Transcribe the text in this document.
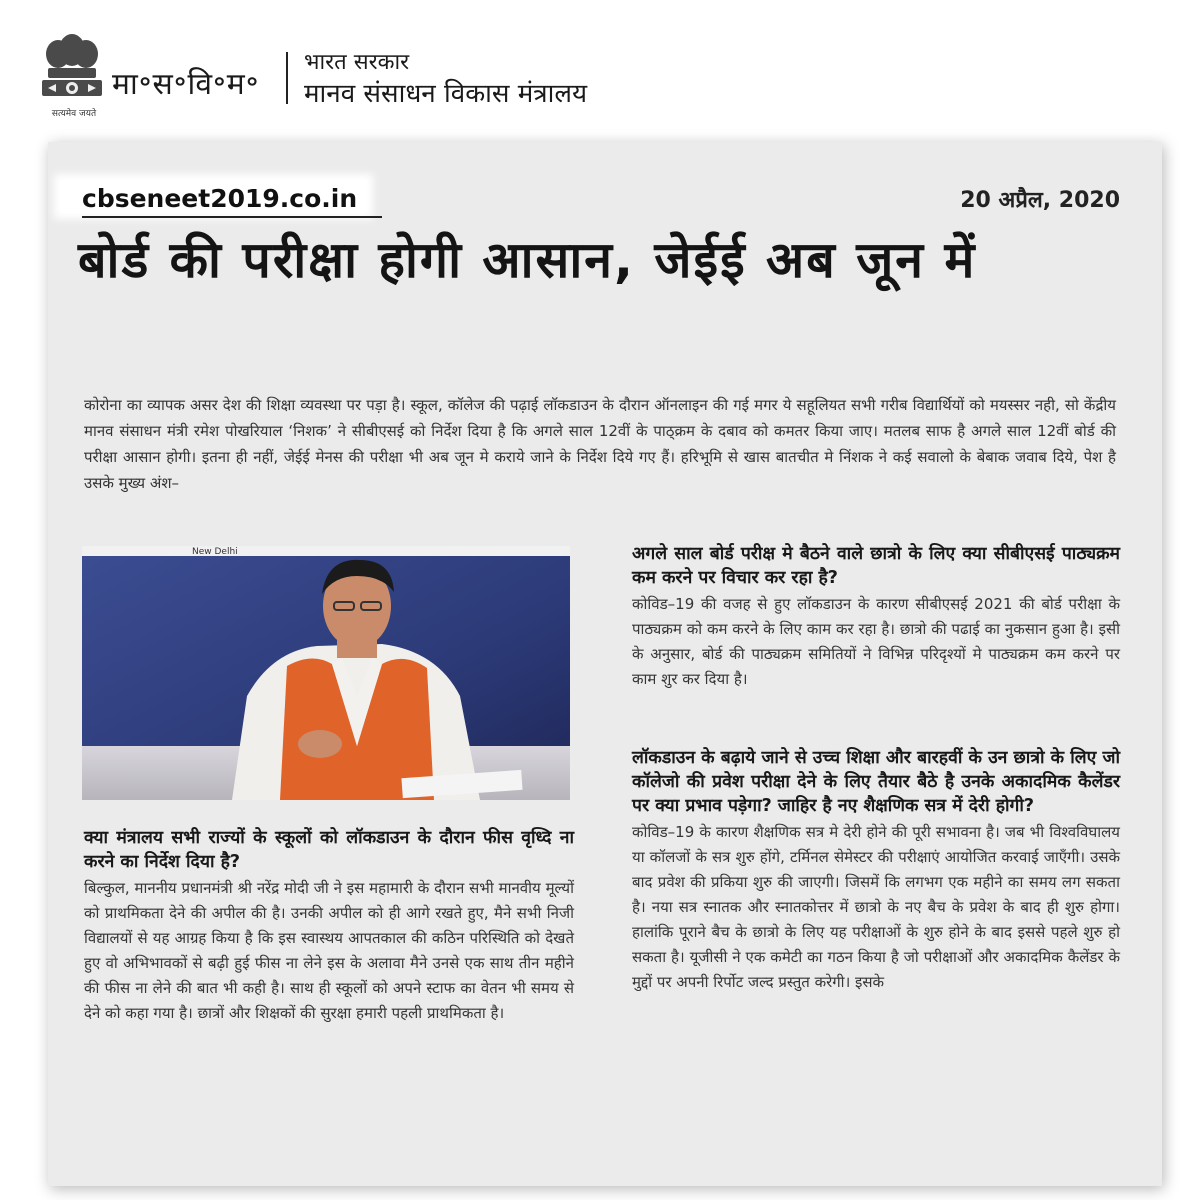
सत्यमेव जयते
मा॰स॰वि॰म॰
भारत सरकार
मानव संसाधन विकास मंत्रालय
cbseneet2019.co.in	20 अप्रैल, 2020
बोर्ड की परीक्षा होगी आसान, जेईई अब जून में

कोरोना का व्यापक असर देश की शिक्षा व्यवस्था पर पड़ा है। स्कूल, कॉलेज की पढ़ाई लॉकडाउन के दौरान ऑनलाइन की गई मगर ये सहूलियत सभी गरीब विद्यार्थियों को मयस्सर नही, सो केंद्रीय मानव संसाधन मंत्री रमेश पोखरियाल ‘निशक’ ने सीबीएसई को निर्देश दिया है कि अगले साल 12वीं के पाठ्क्रम के दबाव को कमतर किया जाए। मतलब साफ है अगले साल 12वीं बोर्ड की परीक्षा आसान होगी। इतना ही नहीं, जेईई मेनस की परीक्षा भी अब जून मे कराये जाने के निर्देश दिये गए हैं। हरिभूमि से खास बातचीत मे निंशक ने कई सवालो के बेबाक जवाब दिये, पेश है उसके मुख्य अंश–

New Delhi

क्या मंत्रालय सभी राज्यों के स्कूलों को लॉकडाउन के दौरान फीस वृध्दि ना करने का निर्देश दिया है?

बिल्कुल, माननीय प्रधानमंत्री श्री नरेंद्र मोदी जी ने इस महामारी के दौरान सभी मानवीय मूल्यों को प्राथमिकता देने की अपील की है। उनकी अपील को ही आगे रखते हुए, मैने सभी निजी विद्यालयों से यह आग्रह किया है कि इस स्वास्थय आपतकाल की कठिन परिस्थिति को देखते हुए वो अभिभावकों से बढ़ी हुई फीस ना लेने इस के अलावा मैने उनसे एक साथ तीन महीने की फीस ना लेने की बात भी कही है। साथ ही स्कूलों को अपने स्टाफ का वेतन भी समय से देने को कहा गया है। छात्रों और शिक्षकों की सुरक्षा हमारी पहली प्राथमिकता है।

अगले साल बोर्ड परीक्ष मे बैठने वाले छात्रो के लिए क्या सीबीएसई पाठ्यक्रम कम करने पर विचार कर रहा है?

कोविड–19 की वजह से हुए लॉकडाउन के कारण सीबीएसई 2021 की बोर्ड परीक्षा के पाठ्यक्रम को कम करने के लिए काम कर रहा है। छात्रो की पढाई का नुकसान हुआ है। इसी के अनुसार, बोर्ड की पाठ्यक्रम समितियों ने विभिन्न परिदृश्यों मे पाठ्यक्रम कम करने पर काम शुर कर दिया है।

लॉकडाउन के बढ़ाये जाने से उच्च शिक्षा और बारहवीं के उन छात्रो के लिए जो कॉलेजो की प्रवेश परीक्षा देने के लिए तैयार बैठे है उनके अकादमिक कैलेंडर पर क्या प्रभाव पड़ेगा? जाहिर है नए शैक्षणिक सत्र में देरी होगी?

कोविड–19 के कारण शैक्षणिक सत्र मे देरी होने की पूरी सभावना है। जब भी विश्वविघालय या कॉलजों के सत्र शुरु होंगे, टर्मिनल सेमेस्टर की परीक्षाएं आयोजित करवाई जाएँगी। उसके बाद प्रवेश की प्रकिया शुरु की जाएगी। जिसमें कि लगभग एक महीने का समय लग सकता है। नया सत्र स्नातक और स्नातकोत्तर में छात्रो के नए बैच के प्रवेश के बाद ही शुरु होगा। हालांकि पूराने बैच के छात्रो के लिए यह परीक्षाओं के शुरु होने के बाद इससे पहले शुरु हो सकता है। यूजीसी ने एक कमेटी का गठन किया है जो परीक्षाओं और अकादमिक कैलेंडर के मुद्दों पर अपनी रिर्पोट जल्द प्रस्तुत करेगी। इसके
